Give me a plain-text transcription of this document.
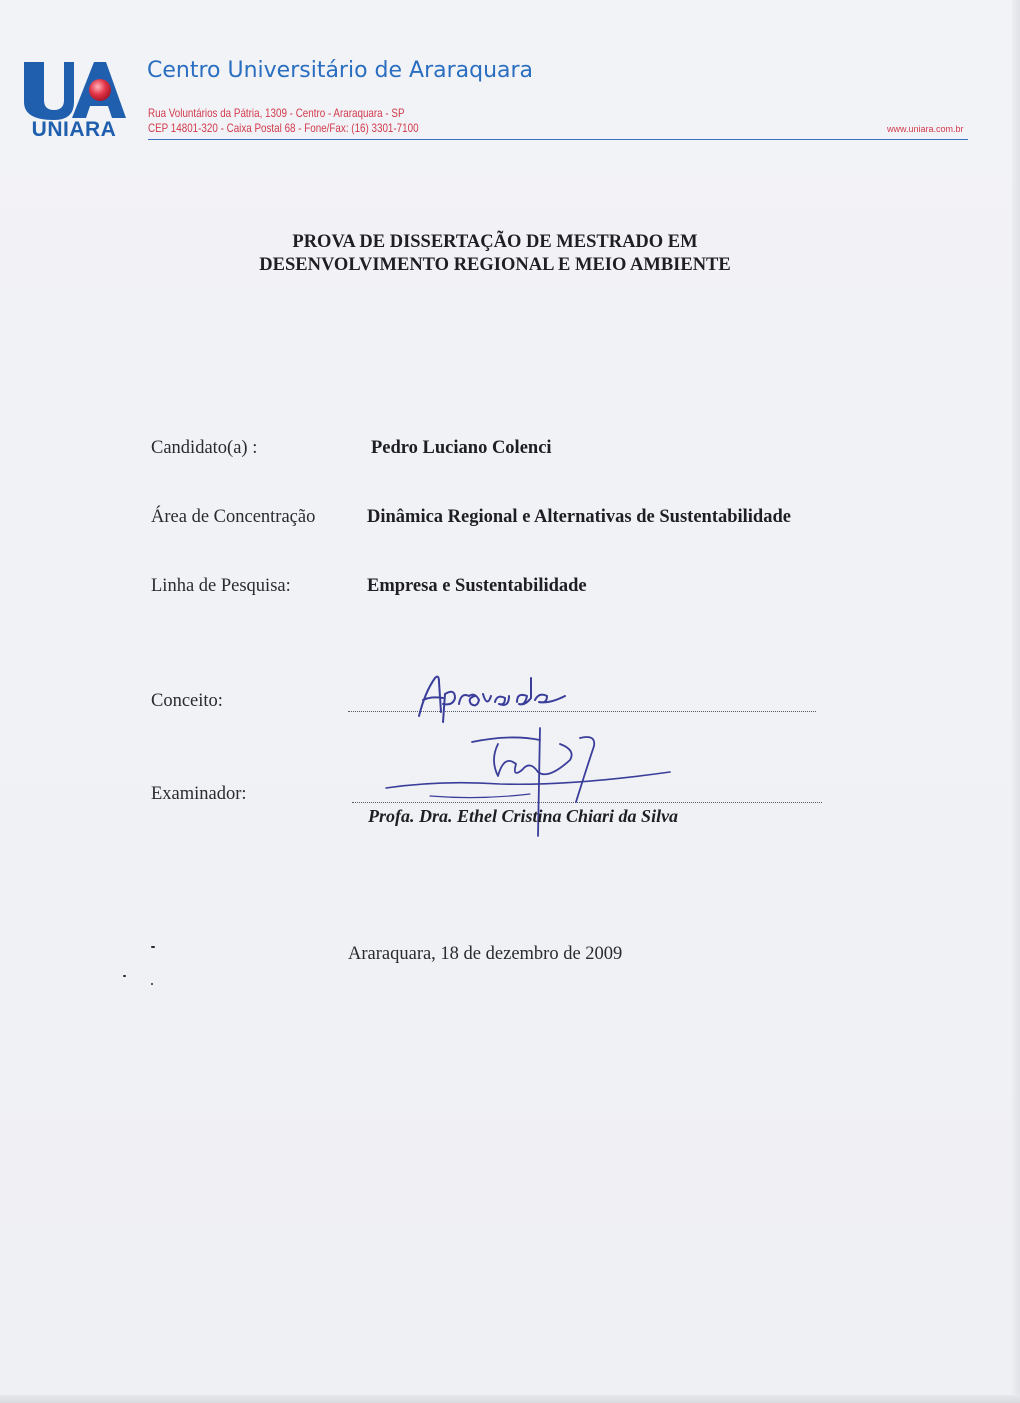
UNIARA
Centro Universitário de Araraquara
Rua Voluntários da Pátria, 1309 - Centro - Araraquara - SP
CEP 14801-320 - Caixa Postal 68 - Fone/Fax: (16) 3301-7100	www.uniara.com.br
PROVA DE DISSERTAÇÃO DE MESTRADO EM
DESENVOLVIMENTO REGIONAL E MEIO AMBIENTE
Candidato(a) :	Pedro Luciano Colenci
Área de Concentração	Dinâmica Regional e Alternativas de Sustentabilidade
Linha de Pesquisa:	Empresa e Sustentabilidade
Conceito:
Examinador:
Profa. Dra. Ethel Cristina Chiari da Silva
Araraquara, 18 de dezembro de 2009
